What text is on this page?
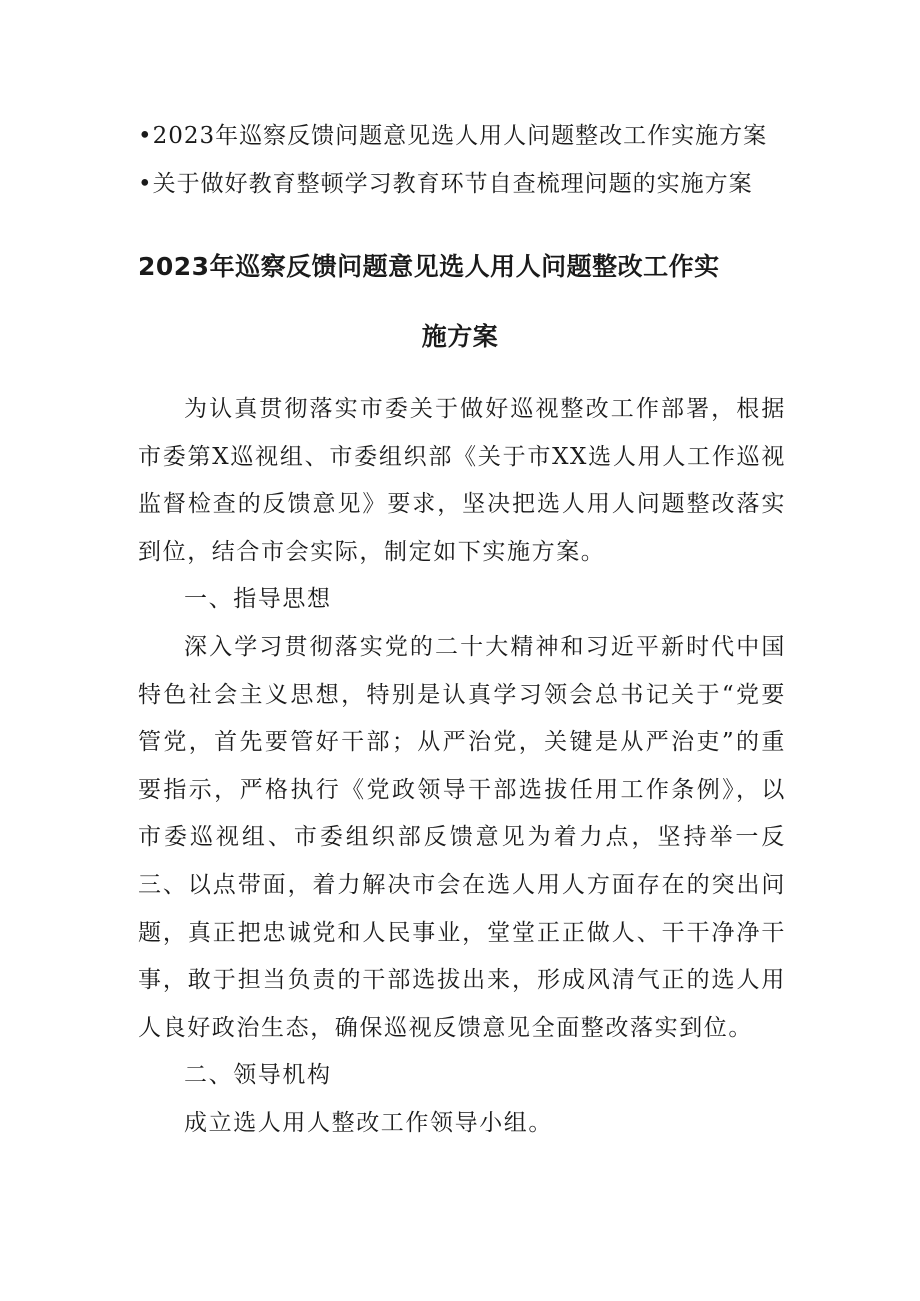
•2023年巡察反馈问题意见选人用人问题整改工作实施方案
•关于做好教育整顿学习教育环节自查梳理问题的实施方案
2023年巡察反馈问题意见选人用人问题整改工作实
施方案

为认真贯彻落实市委关于做好巡视整改工作部署，根据市委第X巡视组、市委组织部《关于市XX选人用人工作巡视监督检查的反馈意见》要求，坚决把选人用人问题整改落实到位，结合市会实际，制定如下实施方案。

一、指导思想

深入学习贯彻落实党的二十大精神和习近平新时代中国特色社会主义思想，特别是认真学习领会总书记关于“党要管党，首先要管好干部；从严治党，关键是从严治吏”的重要指示，严格执行《党政领导干部选拔任用工作条例》，以市委巡视组、市委组织部反馈意见为着力点，坚持举一反三、以点带面，着力解决市会在选人用人方面存在的突出问题，真正把忠诚党和人民事业，堂堂正正做人、干干净净干事，敢于担当负责的干部选拔出来，形成风清气正的选人用人良好政治生态，确保巡视反馈意见全面整改落实到位。

二、领导机构

成立选人用人整改工作领导小组。
